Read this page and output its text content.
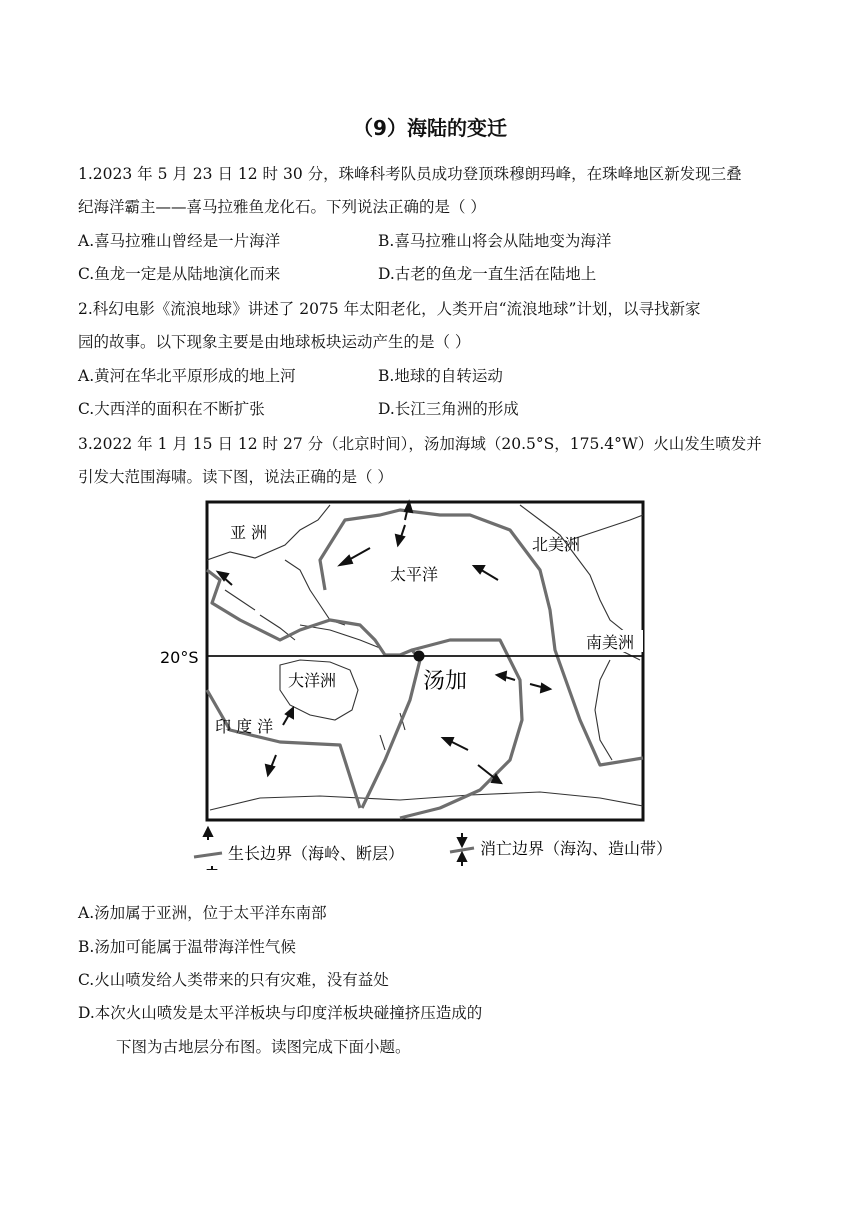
（9）海陆的变迁
1.2023 年 5 月 23 日 12 时 30 分，珠峰科考队员成功登顶珠穆朗玛峰，在珠峰地区新发现三叠
纪海洋霸主——喜马拉雅鱼龙化石。下列说法正确的是（ ）
A.喜马拉雅山曾经是一片海洋	B.喜马拉雅山将会从陆地变为海洋
C.鱼龙一定是从陆地演化而来	D.古老的鱼龙一直生活在陆地上
2.科幻电影《流浪地球》讲述了 2075 年太阳老化，人类开启“流浪地球”计划，以寻找新家
园的故事。以下现象主要是由地球板块运动产生的是（ ）
A.黄河在华北平原形成的地上河	B.地球的自转运动
C.大西洋的面积在不断扩张	D.长江三角洲的形成
3.2022 年 1 月 15 日 12 时 27 分（北京时间），汤加海域（20.5°S，175.4°W）火山发生喷发并
引发大范围海啸。读下图，说法正确的是（ ）
亚 洲
北美洲
太平洋
南美洲
20°S
大洋洲	汤加
印 度 洋
生长边界（海岭、断层）	消亡边界（海沟、造山带）
A.汤加属于亚洲，位于太平洋东南部
B.汤加可能属于温带海洋性气候
C.火山喷发给人类带来的只有灾难，没有益处
D.本次火山喷发是太平洋板块与印度洋板块碰撞挤压造成的
下图为古地层分布图。读图完成下面小题。
